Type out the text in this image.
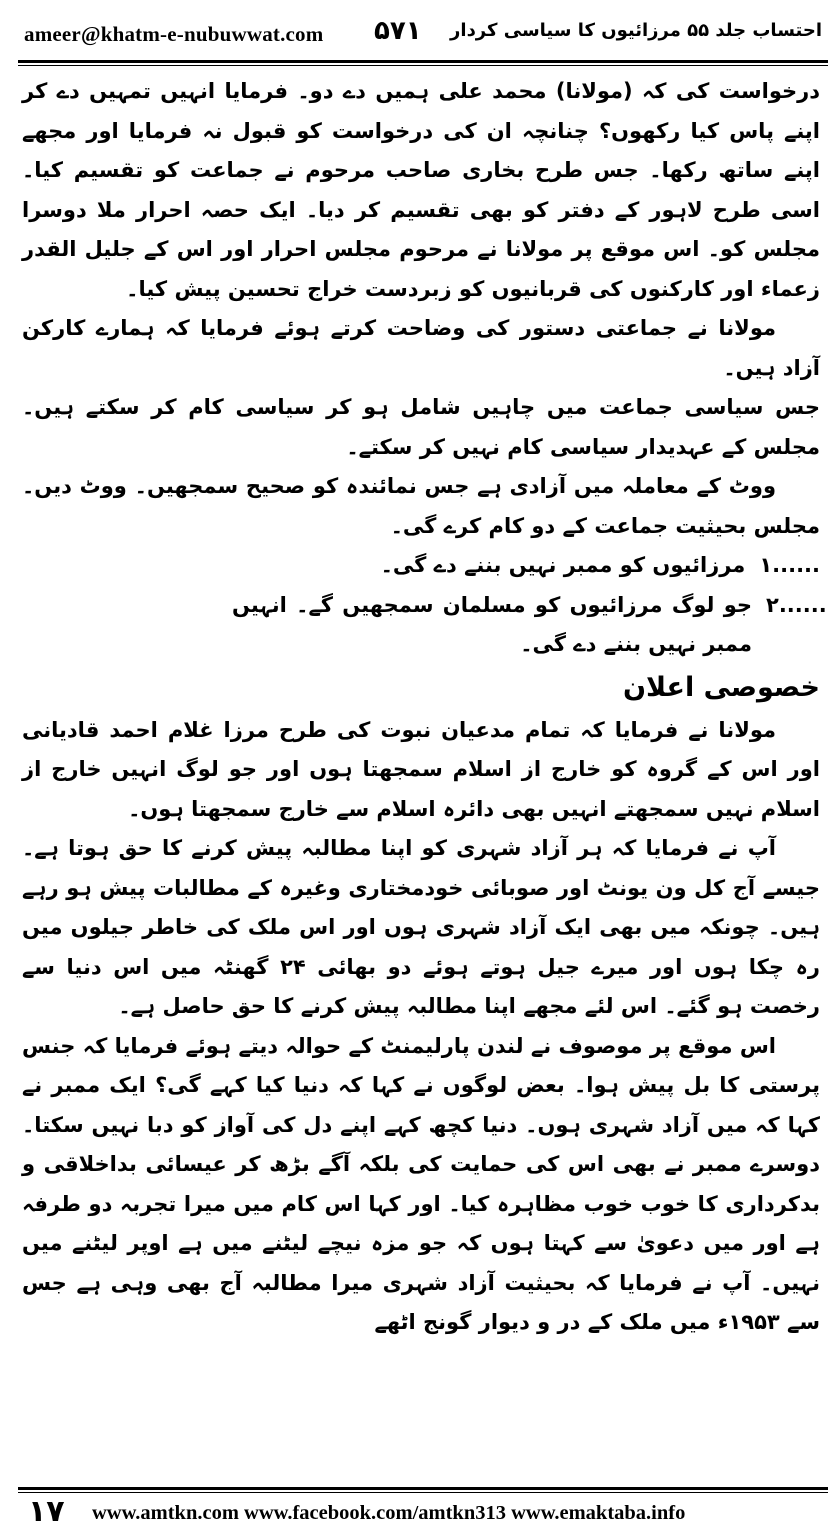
ameer@khatm-e-nubuwwat.com ۵۷۱ احتساب جلد ۵۵ مرزائیوں کا سیاسی کردار

درخواست کی کہ (مولانا) محمد علی ہمیں دے دو۔ فرمایا انہیں تمہیں دے کر اپنے پاس کیا رکھوں؟ چنانچہ ان کی درخواست کو قبول نہ فرمایا اور مجھے اپنے ساتھ رکھا۔ جس طرح بخاری صاحب مرحوم نے جماعت کو تقسیم کیا۔ اسی طرح لاہور کے دفتر کو بھی تقسیم کر دیا۔ ایک حصہ احرار ملا دوسرا مجلس کو۔ اس موقع پر مولانا نے مرحوم مجلس احرار اور اس کے جلیل القدر زعماء اور کارکنوں کی قربانیوں کو زبردست خراج تحسین پیش کیا۔

مولانا نے جماعتی دستور کی وضاحت کرتے ہوئے فرمایا کہ ہمارے کارکن آزاد ہیں۔

جس سیاسی جماعت میں چاہیں شامل ہو کر سیاسی کام کر سکتے ہیں۔ مجلس کے عہدیدار سیاسی کام نہیں کر سکتے۔

ووٹ کے معاملہ میں آزادی ہے جس نمائندہ کو صحیح سمجھیں۔ ووٹ دیں۔ مجلس بحیثیت جماعت کے دو کام کرے گی۔

مرزائیوں کو ممبر نہیں بننے دے گی۔ ۱......
جو لوگ مرزائیوں کو مسلمان سمجھیں گے۔ انہیں ممبر نہیں بننے دے گی۔
۲......

خصوصی اعلان

مولانا نے فرمایا کہ تمام مدعیان نبوت کی طرح مرزا غلام احمد قادیانی اور اس کے گروہ کو خارج از اسلام سمجھتا ہوں اور جو لوگ انہیں خارج از اسلام نہیں سمجھتے انہیں بھی دائرہ اسلام سے خارج سمجھتا ہوں۔

آپ نے فرمایا کہ ہر آزاد شہری کو اپنا مطالبہ پیش کرنے کا حق ہوتا ہے۔ جیسے آج کل ون یونٹ اور صوبائی خودمختاری وغیرہ کے مطالبات پیش ہو رہے ہیں۔ چونکہ میں بھی ایک آزاد شہری ہوں اور اس ملک کی خاطر جیلوں میں رہ چکا ہوں اور میرے جیل ہوتے ہوئے دو بھائی ۲۴ گھنٹہ میں اس دنیا سے رخصت ہو گئے۔ اس لئے مجھے اپنا مطالبہ پیش کرنے کا حق حاصل ہے۔

اس موقع پر موصوف نے لندن پارلیمنٹ کے حوالہ دیتے ہوئے فرمایا کہ جنس پرستی کا بل پیش ہوا۔ بعض لوگوں نے کہا کہ دنیا کیا کہے گی؟ ایک ممبر نے کہا کہ میں آزاد شہری ہوں۔ دنیا کچھ کہے اپنے دل کی آواز کو دبا نہیں سکتا۔ دوسرے ممبر نے بھی اس کی حمایت کی بلکہ آگے بڑھ کر عیسائی بداخلاقی و بدکرداری کا خوب خوب مظاہرہ کیا۔ اور کہا اس کام میں میرا تجربہ دو طرفہ ہے اور میں دعویٰ سے کہتا ہوں کہ جو مزہ نیچے لیٹنے میں ہے اوپر لیٹنے میں نہیں۔ آپ نے فرمایا کہ بحیثیت آزاد شہری میرا مطالبہ آج بھی وہی ہے جس سے ۱۹۵۳ء میں ملک کے در و دیوار گونج اٹھے

۱۷ www.amtkn.com www.facebook.com/amtkn313 www.emaktaba.info
